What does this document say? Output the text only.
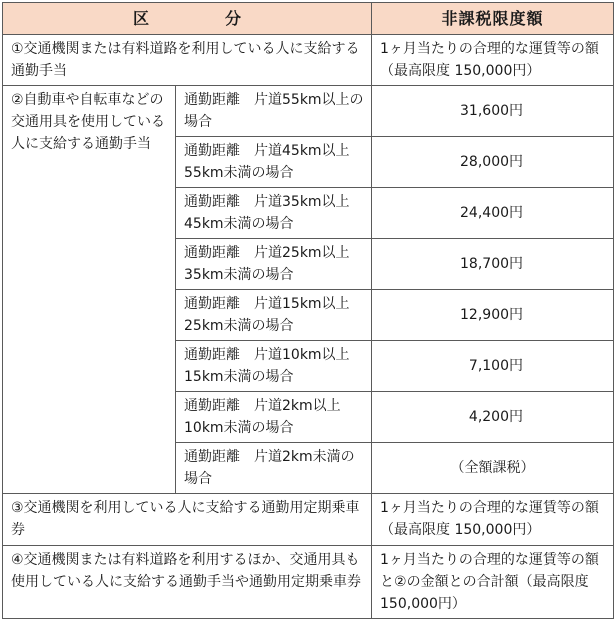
区　分		非課税限度額

①交通機関または有料道路を利用している人に支給する通勤手当		1ヶ月当たりの合理的な運賃等の額（最高限度 150,000円）

②自動車や自転車などの交通用具を使用している人に支給する通勤手当	通勤距離　片道55km以上の場合	31,600円

	通勤距離　片道45km以上55km未満の場合	28,000円

	通勤距離　片道35km以上45km未満の場合	24,400円

	通勤距離　片道25km以上35km未満の場合	18,700円

	通勤距離　片道15km以上25km未満の場合	12,900円

	通勤距離　片道10km以上15km未満の場合	7,100円

	通勤距離　片道2km以上10km未満の場合	4,200円

	通勤距離　片道2km未満の場合	（全額課税）

③交通機関を利用している人に支給する通勤用定期乗車券		1ヶ月当たりの合理的な運賃等の額（最高限度 150,000円）

④交通機関または有料道路を利用するほか、交通用具も使用している人に支給する通勤手当や通勤用定期乗車券		1ヶ月当たりの合理的な運賃等の額と②の金額との合計額（最高限度 150,000円）
